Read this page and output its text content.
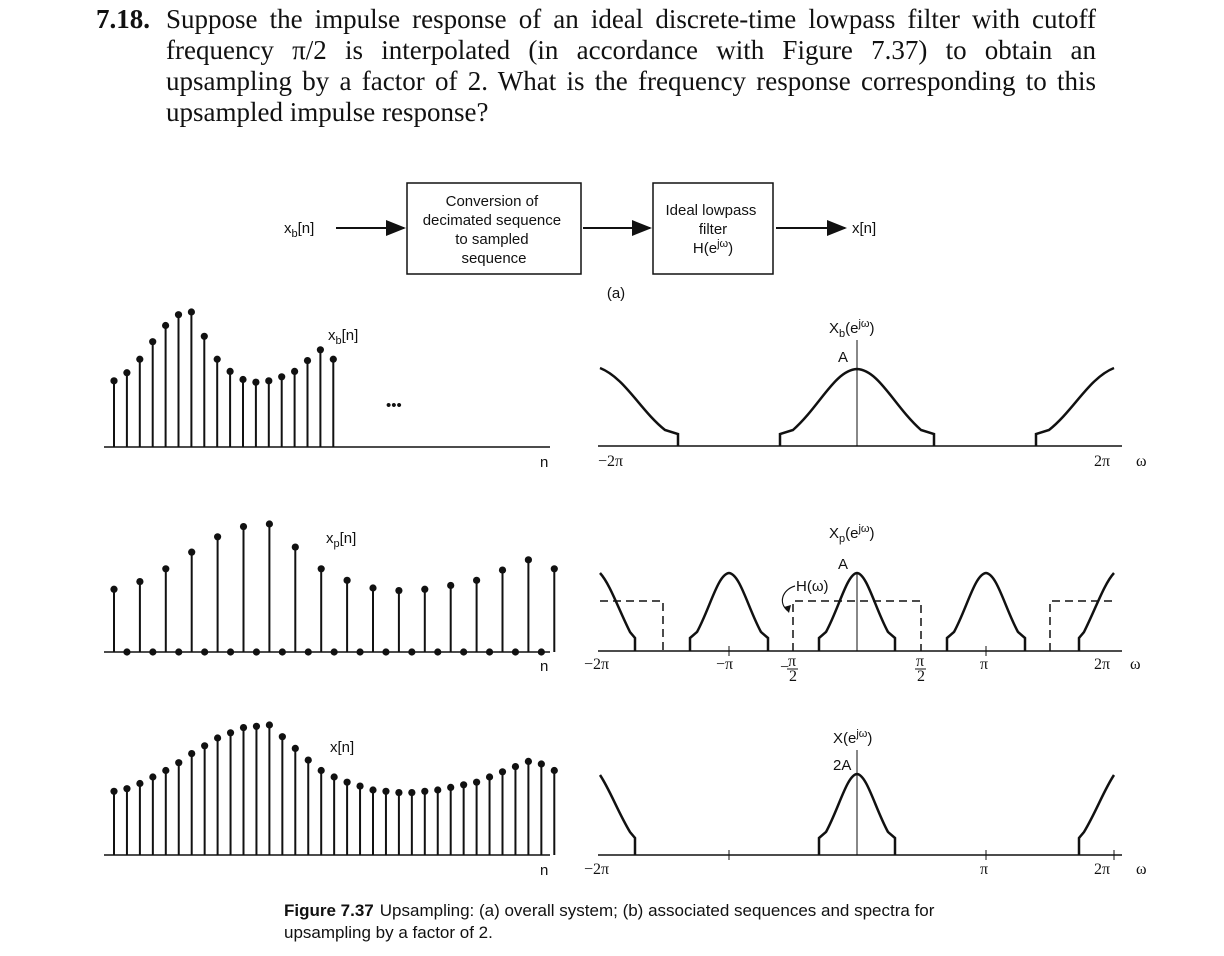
7.18. Suppose the impulse response of an ideal discrete-time lowpass filter with cutoff frequency π/2 is interpolated (in accordance with Figure 7.37) to obtain an upsampling by a factor of 2. What is the frequency response corresponding to this upsampled impulse response?
$x_b[n]$
Conversion of decimated sequence to sampled sequence
Ideal lowpass filter
$H(e^{j\omega})$
x[n]
(a)
$x_b[n]$
•••
n
$x_p[n]$
n
x[n]
n
$X_b(e^{j\omega})$
A
−2π	2π ω
H(ω)
$X_p(e^{j\omega})$
A
−2π	−π	−
π
2
π
2
π	2π ω
$X(e^{j\omega})$
2A
−2π	π	2π ω
Figure 7.37 Upsampling: (a) overall system; (b) associated sequences and spectra for upsampling by a factor of 2.
